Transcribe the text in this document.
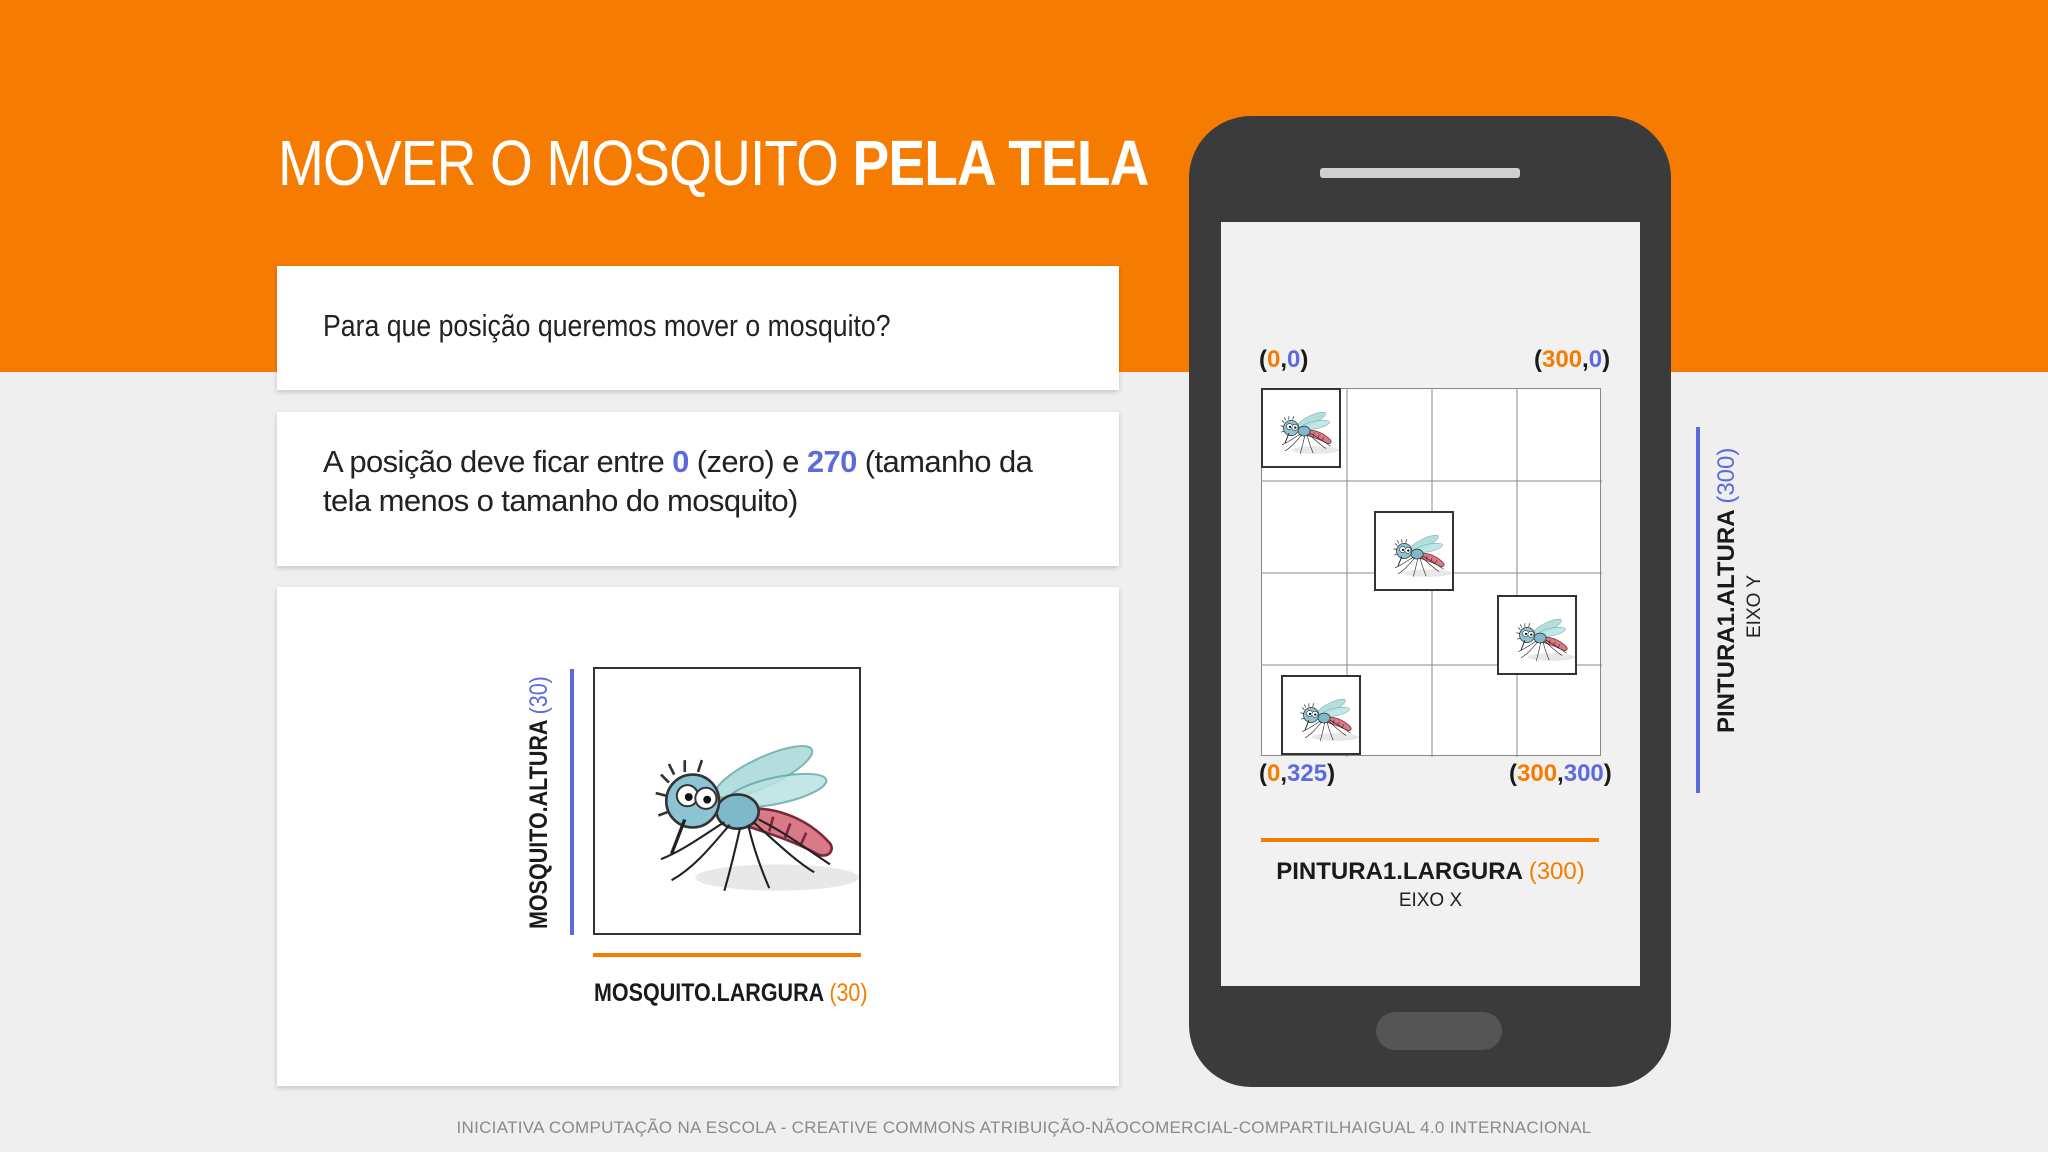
MOVER O MOSQUITO PELA TELA
Para que posição queremos mover o mosquito?
A posição deve ficar entre 0 (zero) e 270 (tamanho da tela menos o tamanho do mosquito)
MOSQUITO.ALTURA (30)
MOSQUITO.LARGURA (30)
(0,0)	(300,0)
(0,325)	(300,300)
PINTURA1.LARGURA (300)
EIXO X
PINTURA1.ALTURA (300)
EIXO Y
INICIATIVA COMPUTAÇÃO NA ESCOLA - CREATIVE COMMONS ATRIBUIÇÃO-NÃOCOMERCIAL-COMPARTILHAIGUAL 4.0 INTERNACIONAL
